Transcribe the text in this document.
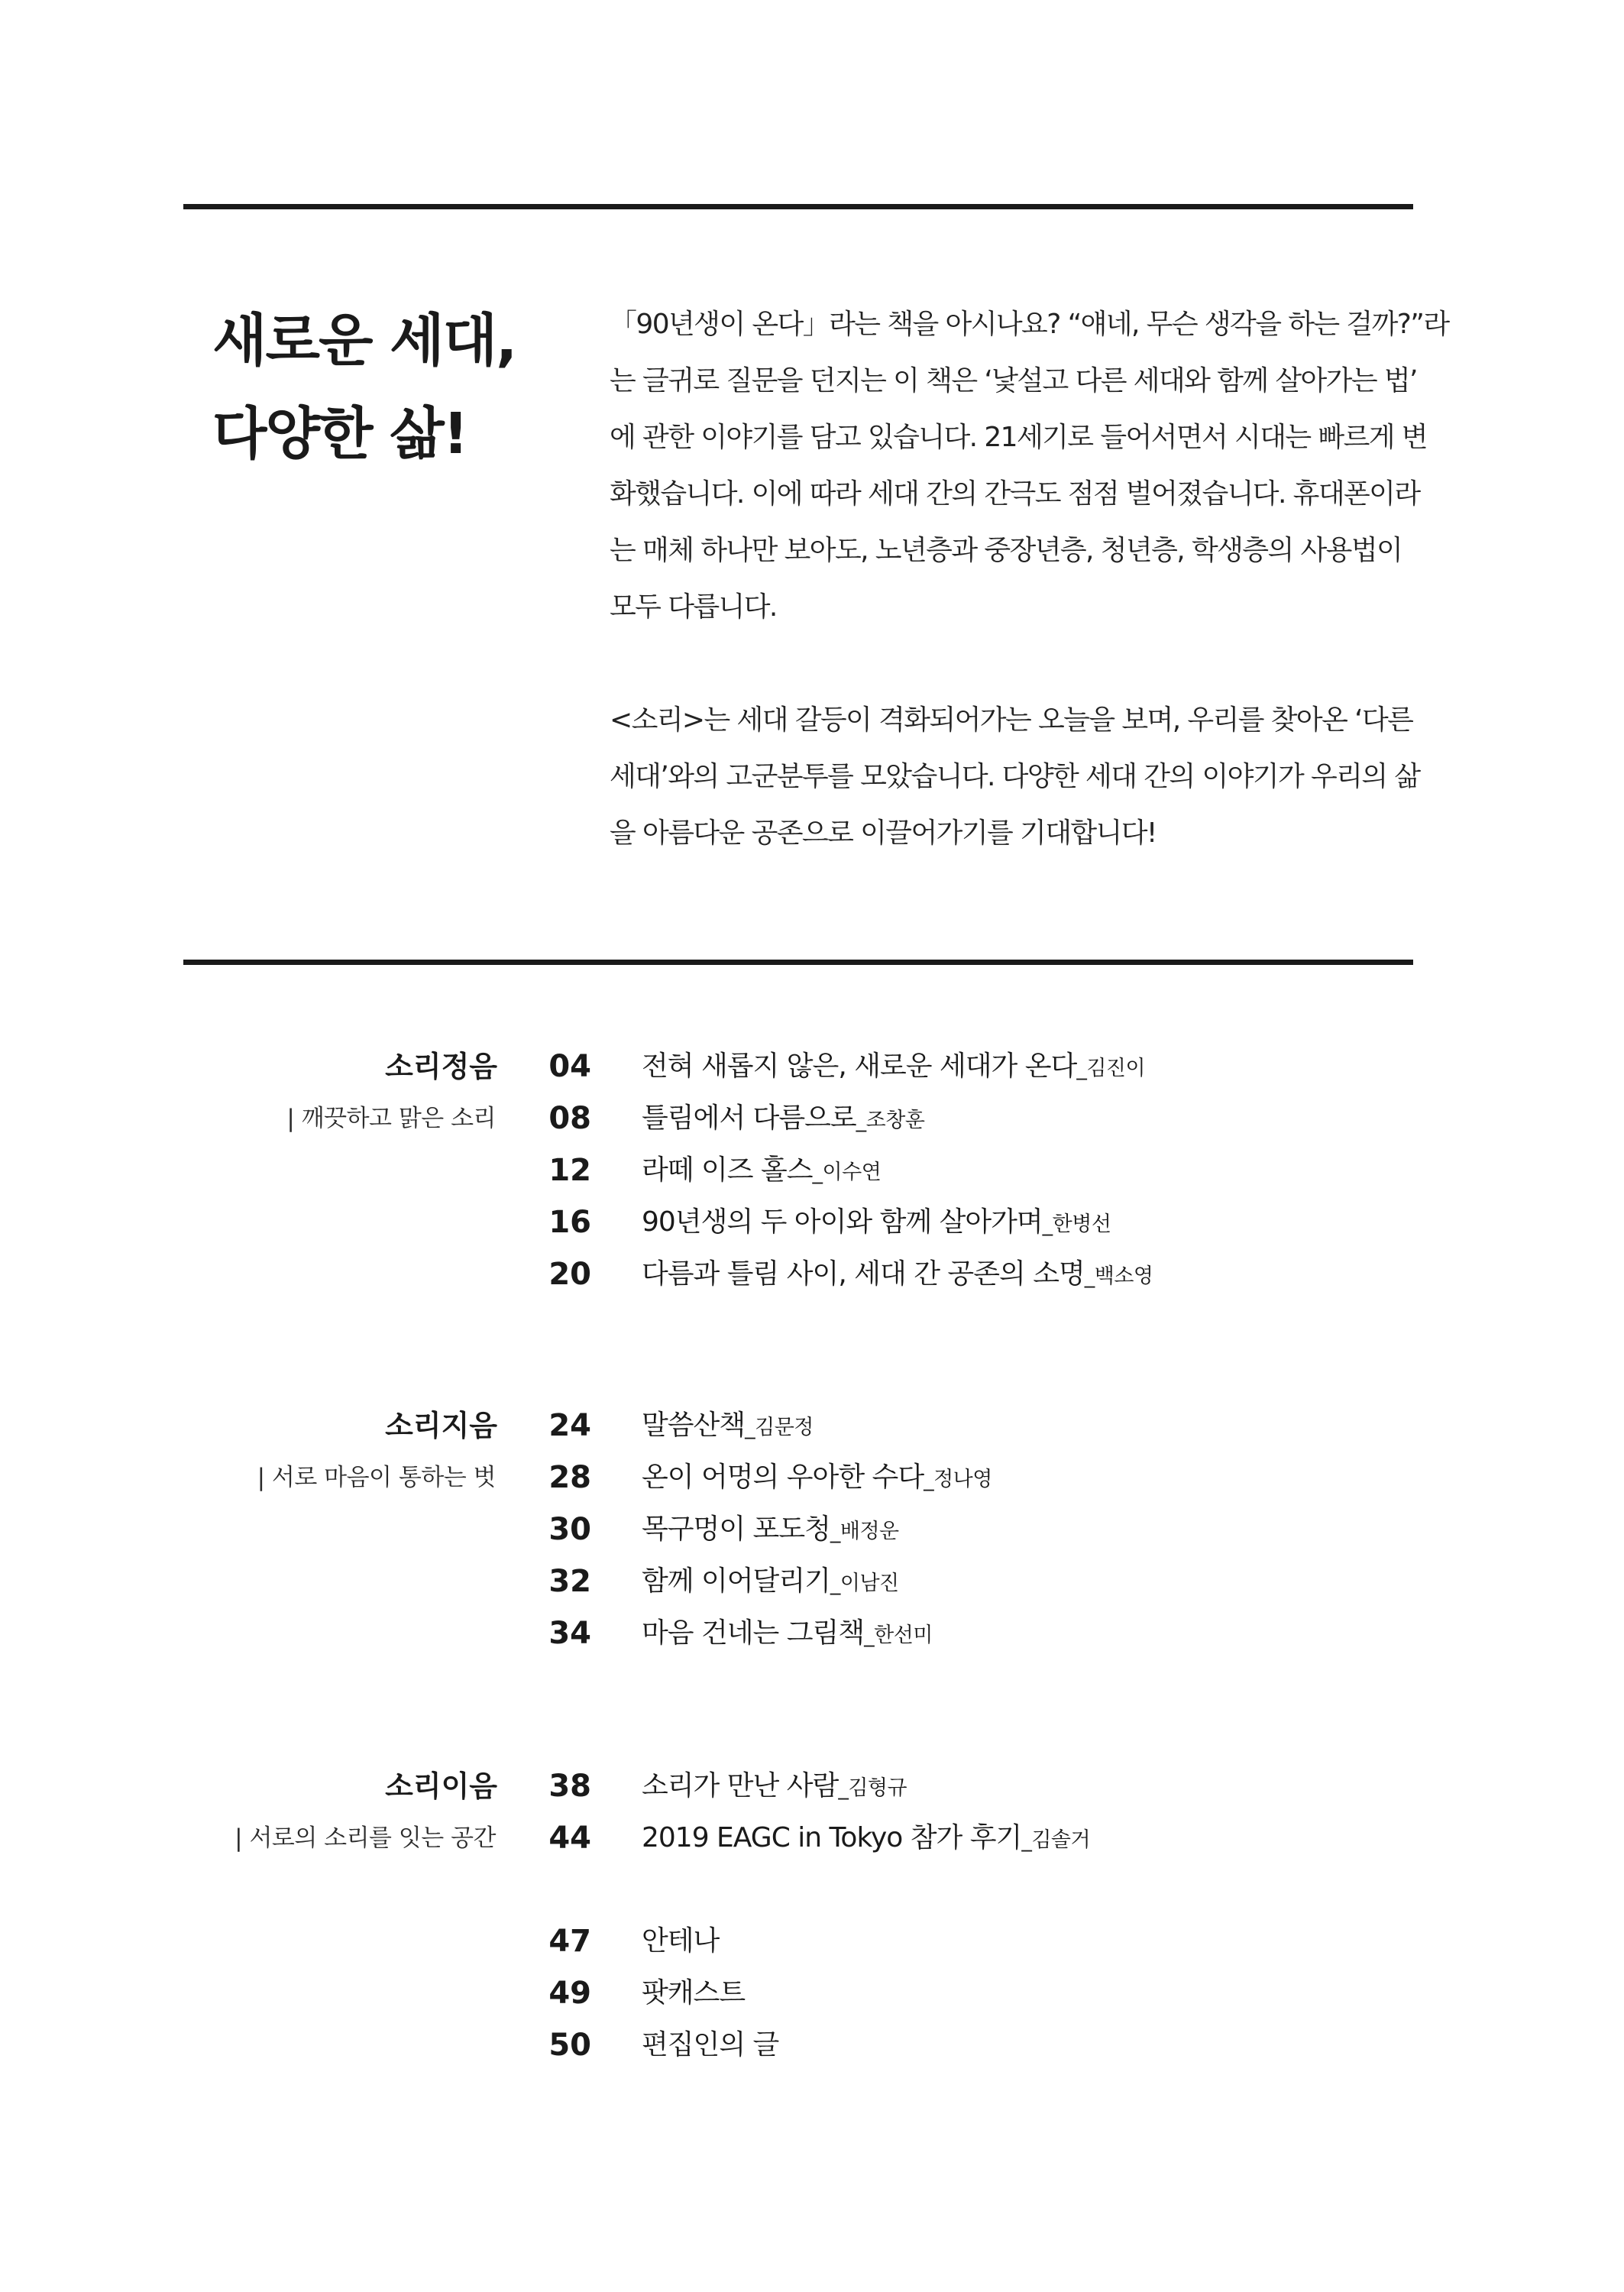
새로운 세대,
다양한 삶!
「90년생이 온다」라는 책을 아시나요? “얘네, 무슨 생각을 하는 걸까?”라
는 글귀로 질문을 던지는 이 책은 ‘낯설고 다른 세대와 함께 살아가는 법’
에 관한 이야기를 담고 있습니다. 21세기로 들어서면서 시대는 빠르게 변
화했습니다. 이에 따라 세대 간의 간극도 점점 벌어졌습니다. 휴대폰이라
는 매체 하나만 보아도, 노년층과 중장년층, 청년층, 학생층의 사용법이
모두 다릅니다.
<소리>는 세대 갈등이 격화되어가는 오늘을 보며, 우리를 찾아온 ‘다른
세대’와의 고군분투를 모았습니다. 다양한 세대 간의 이야기가 우리의 삶
을 아름다운 공존으로 이끌어가기를 기대합니다!
소리정음
| 깨끗하고 맑은 소리
04 전혀 새롭지 않은, 새로운 세대가 온다_김진이
08 틀림에서 다름으로_조창훈
12 라떼 이즈 홀스_이수연
16 90년생의 두 아이와 함께 살아가며_한병선
20 다름과 틀림 사이, 세대 간 공존의 소명_백소영
소리지음
| 서로 마음이 통하는 벗
24 말씀산책_김문정
28 온이 어멍의 우아한 수다_정나영
30 목구멍이 포도청_배정운
32 함께 이어달리기_이남진
34 마음 건네는 그림책_한선미
소리이음
| 서로의 소리를 잇는 공간
38 소리가 만난 사람_김형규
44 2019 EAGC in Tokyo 참가 후기_김솔거
47 안테나
49 팟캐스트
50 편집인의 글
